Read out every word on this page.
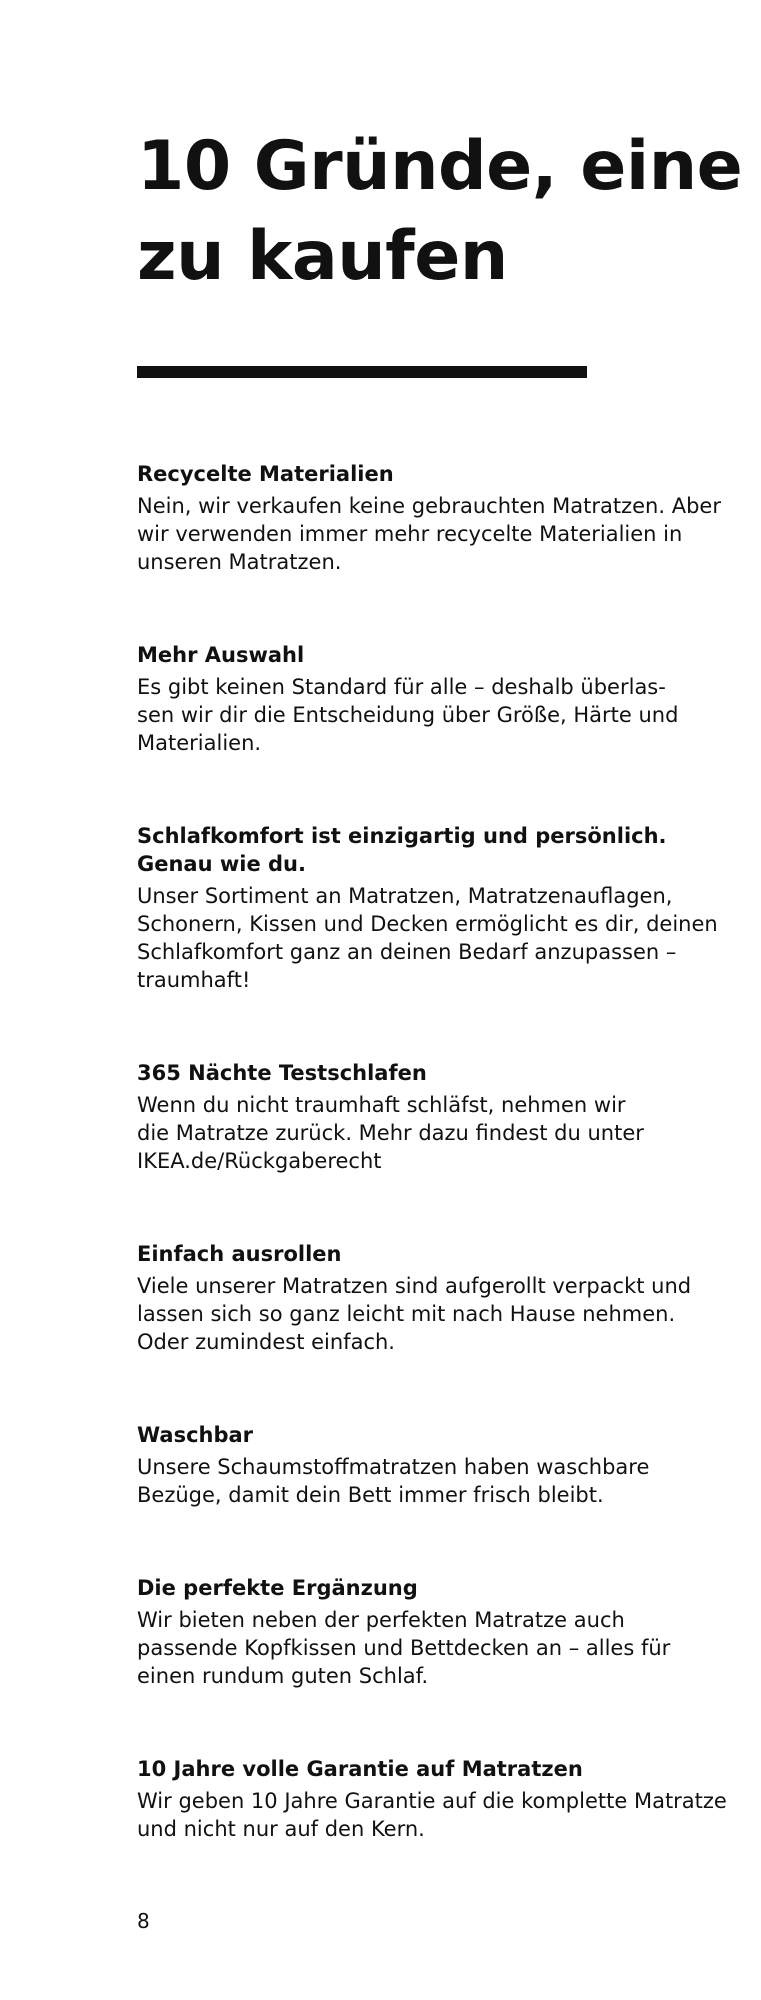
10 Gründe, eine
zu kaufen
Recycelte Materialien

Nein, wir verkaufen keine gebrauchten Matratzen. Aber
wir verwenden immer mehr recycelte Materialien in
unseren Matratzen.

Mehr Auswahl

Es gibt keinen Standard für alle – deshalb überlas-
sen wir dir die Entscheidung über Größe, Härte und
Materialien.

Schlafkomfort ist einzigartig und persönlich.
Genau wie du.

Unser Sortiment an Matratzen, Matratzenauflagen,
Schonern, Kissen und Decken ermöglicht es dir, deinen
Schlafkomfort ganz an deinen Bedarf anzupassen –
traumhaft!

365 Nächte Testschlafen

Wenn du nicht traumhaft schläfst, nehmen wir
die Matratze zurück. Mehr dazu findest du unter
IKEA.de/Rückgaberecht

Einfach ausrollen

Viele unserer Matratzen sind aufgerollt verpackt und
lassen sich so ganz leicht mit nach Hause nehmen.
Oder zumindest einfach.

Waschbar

Unsere Schaumstoffmatratzen haben waschbare
Bezüge, damit dein Bett immer frisch bleibt.

Die perfekte Ergänzung

Wir bieten neben der perfekten Matratze auch
passende Kopfkissen und Bettdecken an – alles für
einen rundum guten Schlaf.

10 Jahre volle Garantie auf Matratzen

Wir geben 10 Jahre Garantie auf die komplette Matratze
und nicht nur auf den Kern.

8
